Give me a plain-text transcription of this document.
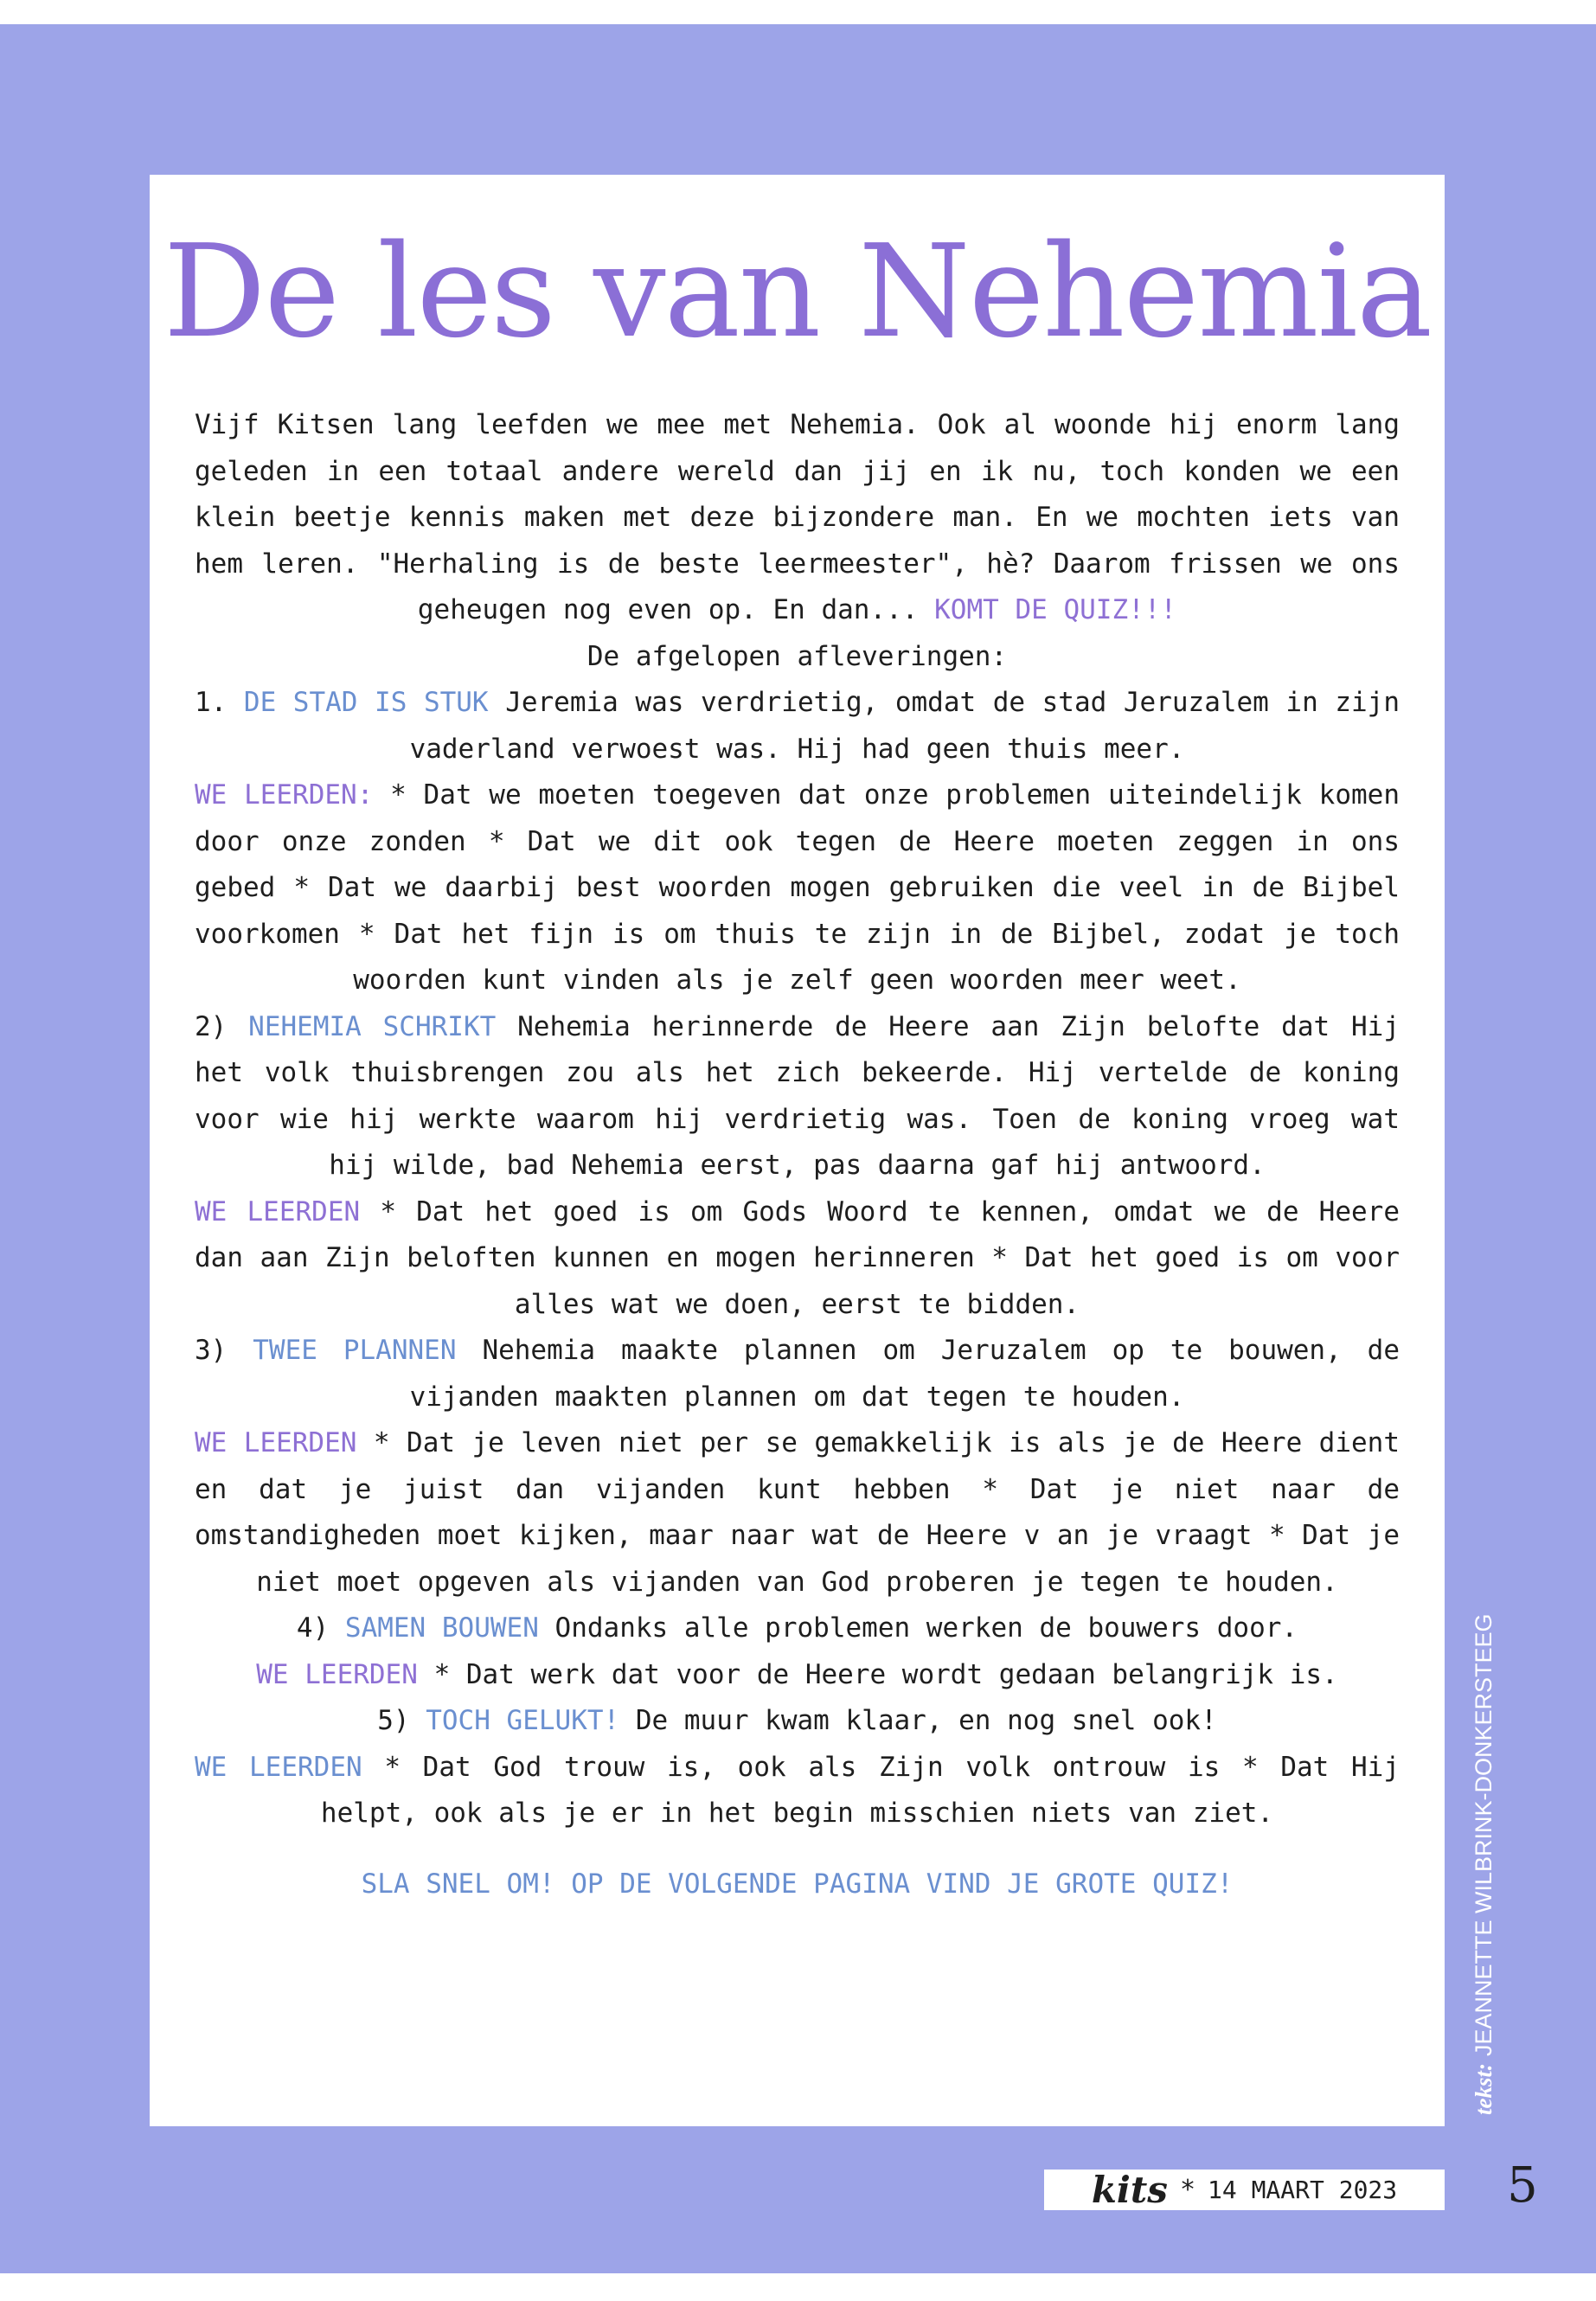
De les van Nehemia

Vijf Kitsen lang leefden we mee met Nehemia. Ook al woonde hij enorm lang geleden in een totaal andere wereld dan jij en ik nu, toch konden we een klein beetje kennis maken met deze bijzondere man. En we mochten iets van hem leren. "Herhaling is de beste leermeester", hè? Daarom frissen we ons geheugen nog even op. En dan... KOMT DE QUIZ!!!

De afgelopen afleveringen:

1. DE STAD IS STUK Jeremia was verdrietig, omdat de stad Jeruzalem in zijn vaderland verwoest was. Hij had geen thuis meer.

WE LEERDEN: * Dat we moeten toegeven dat onze problemen uiteindelijk komen door onze zonden * Dat we dit ook tegen de Heere moeten zeggen in ons gebed * Dat we daarbij best woorden mogen gebruiken die veel in de Bijbel voorkomen * Dat het fijn is om thuis te zijn in de Bijbel, zodat je toch woorden kunt vinden als je zelf geen woorden meer weet.

2) NEHEMIA SCHRIKT Nehemia herinnerde de Heere aan Zijn belofte dat Hij het volk thuisbrengen zou als het zich bekeerde. Hij vertelde de koning voor wie hij werkte waarom hij verdrietig was. Toen de koning vroeg wat hij wilde, bad Nehemia eerst, pas daarna gaf hij antwoord.

WE LEERDEN * Dat het goed is om Gods Woord te kennen, omdat we de Heere dan aan Zijn beloften kunnen en mogen herinneren * Dat het goed is om voor alles wat we doen, eerst te bidden.

3) TWEE PLANNEN Nehemia maakte plannen om Jeruzalem op te bouwen, de vijanden maakten plannen om dat tegen te houden.

WE LEERDEN * Dat je leven niet per se gemakkelijk is als je de Heere dient en dat je juist dan vijanden kunt hebben * Dat je niet naar de omstandigheden moet kijken, maar naar wat de Heere v an je vraagt * Dat je niet moet opgeven als vijanden van God proberen je tegen te houden.

4) SAMEN BOUWEN Ondanks alle problemen werken de bouwers door.

WE LEERDEN * Dat werk dat voor de Heere wordt gedaan belangrijk is.

5) TOCH GELUKT! De muur kwam klaar, en nog snel ook!

WE LEERDEN * Dat God trouw is, ook als Zijn volk ontrouw is * Dat Hij helpt, ook als je er in het begin misschien niets van ziet.

SLA SNEL OM! OP DE VOLGENDE PAGINA VIND JE GROTE QUIZ!

tekst:JEANNETTE WILBRINK-DONKERSTEEG
kits * 14 MAART 2023 5
